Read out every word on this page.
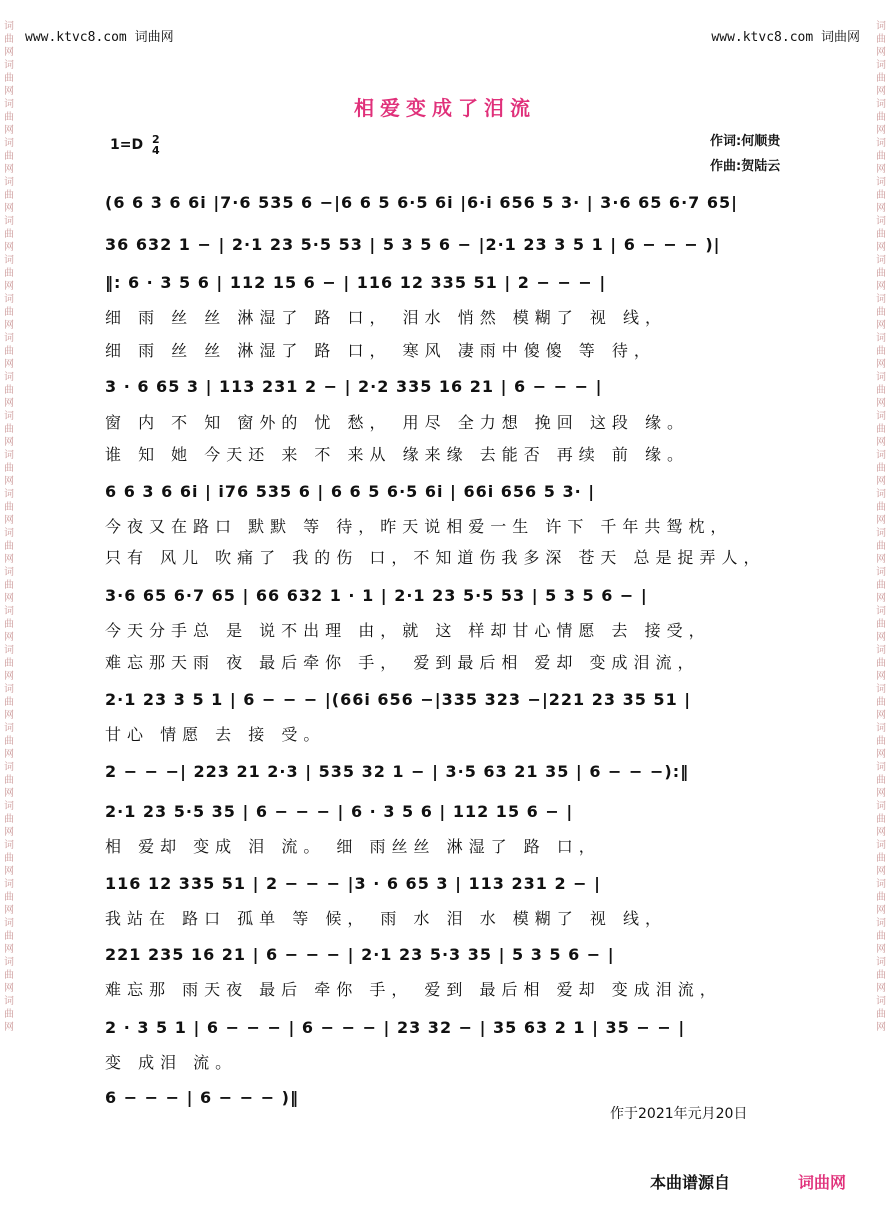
www.ktvc8.com 词曲网	www.ktvc8.com 词曲网
词曲网词曲网词曲网词曲网词曲网词曲网词曲网词曲网词曲网词曲网词曲网词曲网词曲网词曲网词曲网词曲网词曲网词曲网词曲网词曲网词曲网词曲网词曲网词曲网词曲网词曲网
词曲网词曲网词曲网词曲网词曲网词曲网词曲网词曲网词曲网词曲网词曲网词曲网词曲网词曲网词曲网词曲网词曲网词曲网词曲网词曲网词曲网词曲网词曲网词曲网词曲网词曲网
相爱变成了泪流
1=D 2
4
作词:何顺贵
作曲:贺陆云
(6 6 3 6 6i |7·6 535 6 −|6 6 5 6·5 6i |6·i 656 5 3· | 3·6 65 6·7 65|
36 632 1 − | 2·1 23 5·5 53 | 5 3 5 6 − |2·1 23 3 5 1 | 6 − − − )|
‖: 6 · 3 5 6 | 112 15 6 − | 116 12 335 51 | 2 − − − |
细 雨 丝 丝 淋湿了 路 口， 泪水 悄然 模糊了 视 线，
细 雨 丝 丝 淋湿了 路 口， 寒风 凄雨中傻傻 等 待，
3 · 6 65 3 | 113 231 2 − | 2·2 335 16 21 | 6 − − − |
窗 内 不 知 窗外的 忧 愁， 用尽 全力想 挽回 这段 缘。
谁 知 她 今天还 来 不 来从 缘来缘 去能否 再续 前 缘。
6 6 3 6 6i | i76 535 6 | 6 6 5 6·5 6i | 66i 656 5 3· |
今夜又在路口 默默 等 待，昨天说相爱一生 许下 千年共鸳枕，
只有 风儿 吹痛了 我的伤 口，不知道伤我多深 苍天 总是捉弄人，
3·6 65 6·7 65 | 66 632 1 · 1 | 2·1 23 5·5 53 | 5 3 5 6 − |
今天分手总 是 说不出理 由，就 这 样却甘心情愿 去 接受，
难忘那天雨 夜 最后牵你 手， 爱到最后相 爱却 变成泪流，
2·1 23 3 5 1 | 6 − − − |(66i 656 −|335 323 −|221 23 35 51 |
甘心 情愿 去 接 受。
2 − − −| 223 21 2·3 | 535 32 1 − | 3·5 63 21 35 | 6 − − −):‖
2·1 23 5·5 35 | 6 − − − | 6 · 3 5 6 | 112 15 6 − |
相 爱却 变成 泪 流。 细 雨丝丝 淋湿了 路 口，
116 12 335 51 | 2 − − − |3 · 6 65 3 | 113 231 2 − |
我站在 路口 孤单 等 候， 雨 水 泪 水 模糊了 视 线，
221 235 16 21 | 6 − − − | 2·1 23 5·3 35 | 5 3 5 6 − |
难忘那 雨天夜 最后 牵你 手， 爱到 最后相 爱却 变成泪流，
2 · 3 5 1 | 6 − − − | 6 − − − | 23 32 − | 35 63 2 1 | 35 − − |
变 成泪 流。
6 − − − | 6 − − − )‖
作于2021年元月20日
本曲谱源自	词曲网
